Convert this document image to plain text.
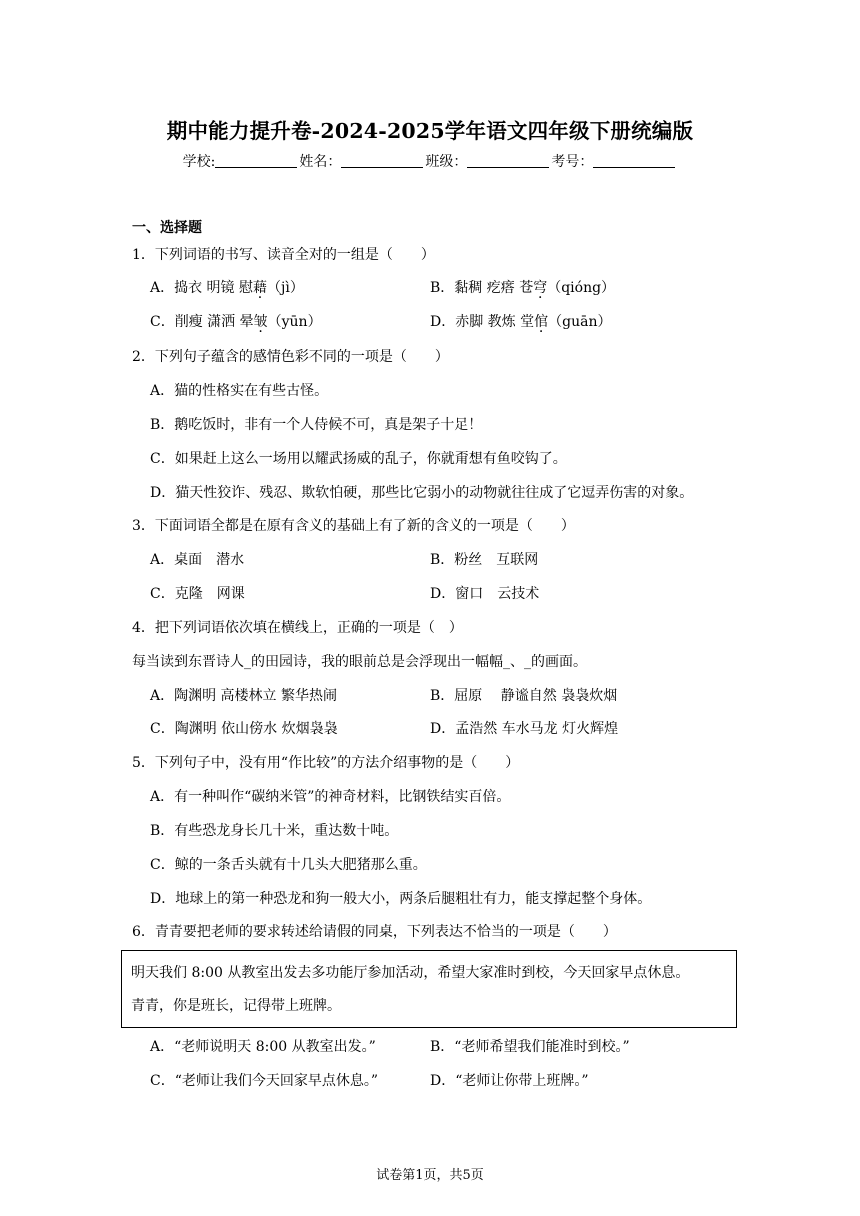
期中能力提升卷-2024-2025学年语文四年级下册统编版
学校:	姓名：	班级：	考号：
一、选择题
1．下列词语的书写、读音全对的一组是（　　）
A．捣衣 明镜 慰藉（jì）	B．黏稠 疙瘩 苍穹（qióng）
C．削瘦 潇洒 晕皱（yūn）	D．赤脚 教炼 堂倌（guān）
2．下列句子蕴含的感情色彩不同的一项是（　　）
A．猫的性格实在有些古怪。
B．鹅吃饭时，非有一个人侍候不可，真是架子十足！
C．如果赶上这么一场用以耀武扬威的乱子，你就甭想有鱼咬钩了。
D．猫天性狡诈、残忍、欺软怕硬，那些比它弱小的动物就往往成了它逗弄伤害的对象。
3．下面词语全都是在原有含义的基础上有了新的含义的一项是（　　）
A．桌面　潜水	B．粉丝　互联网
C．克隆　网课	D．窗口　云技术
4．把下列词语依次填在横线上，正确的一项是（　）
每当读到东晋诗人_的田园诗，我的眼前总是会浮现出一幅幅_、_的画面。
A．陶渊明 高楼林立 繁华热闹	B．屈原　 静谧自然 袅袅炊烟
C．陶渊明 依山傍水 炊烟袅袅	D．孟浩然 车水马龙 灯火辉煌
5．下列句子中，没有用“作比较”的方法介绍事物的是（　　）
A．有一种叫作“碳纳米管”的神奇材料，比钢铁结实百倍。
B．有些恐龙身长几十米，重达数十吨。
C．鲸的一条舌头就有十几头大肥猪那么重。
D．地球上的第一种恐龙和狗一般大小，两条后腿粗壮有力，能支撑起整个身体。
6．青青要把老师的要求转述给请假的同桌，下列表达不恰当的一项是（　　）
明天我们 8:00 从教室出发去多功能厅参加活动，希望大家准时到校，今天回家早点休息。
青青，你是班长，记得带上班牌。
A．“老师说明天 8:00 从教室出发。”	B．“老师希望我们能准时到校。”
C．“老师让我们今天回家早点休息。”	D．“老师让你带上班牌。”
试卷第1页，共5页
